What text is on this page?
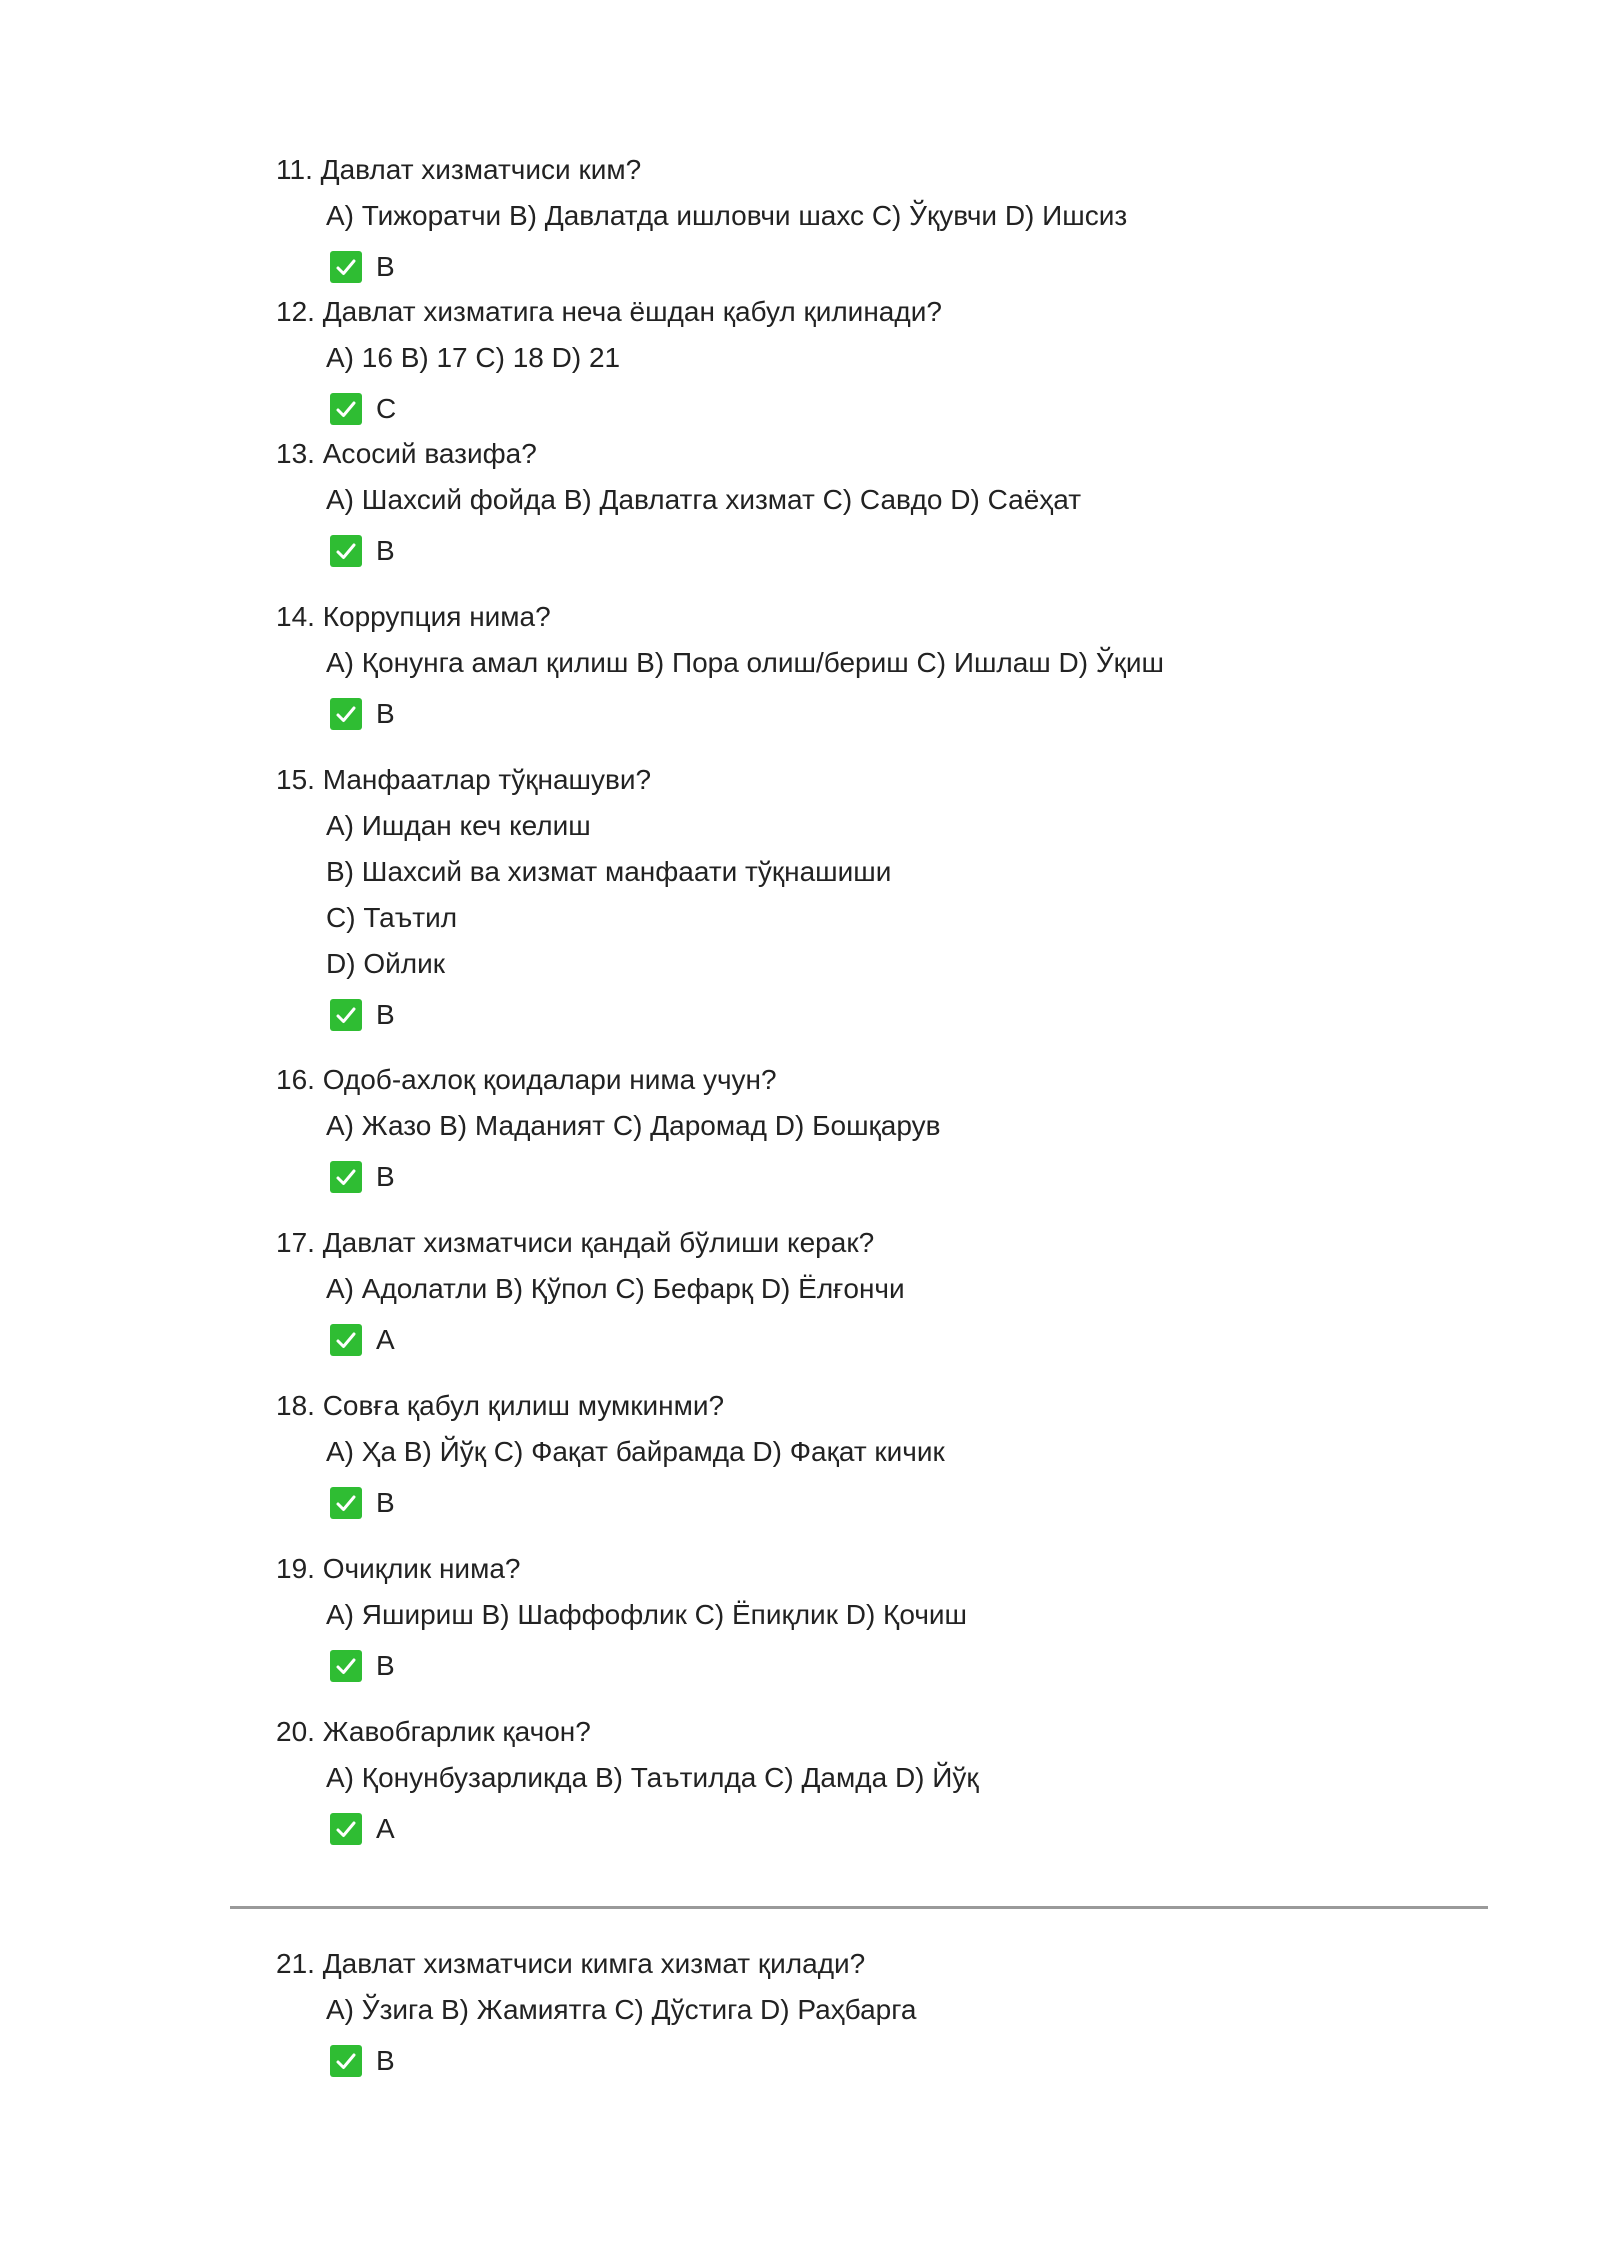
11. Давлат хизматчиси ким?
A) Тижоратчи B) Давлатда ишловчи шахс C) Ўқувчи D) Ишсиз
B
12. Давлат хизматига неча ёшдан қабул қилинади?
A) 16 B) 17 C) 18 D) 21
C
13. Асосий вазифа?
A) Шахсий фойда B) Давлатга хизмат C) Савдо D) Саёҳат
B
14. Коррупция нима?
A) Қонунга амал қилиш B) Пора олиш/бериш C) Ишлаш D) Ўқиш
B
15. Манфаатлар тўқнашуви?
A) Ишдан кеч келиш
B) Шахсий ва хизмат манфаати тўқнашиши
C) Таътил
D) Ойлик
B
16. Одоб-ахлоқ қоидалари нима учун?
A) Жазо B) Маданият C) Даромад D) Бошқарув
B
17. Давлат хизматчиси қандай бўлиши керак?
A) Адолатли B) Қўпол C) Бефарқ D) Ёлғончи
A
18. Совға қабул қилиш мумкинми?
A) Ҳа B) Йўқ C) Фақат байрамда D) Фақат кичик
B
19. Очиқлик нима?
A) Яшириш B) Шаффофлик C) Ёпиқлик D) Қочиш
B
20. Жавобгарлик қачон?
A) Қонунбузарликда B) Таътилда C) Дамда D) Йўқ
A
21. Давлат хизматчиси кимга хизмат қилади?
A) Ўзига B) Жамиятга C) Дўстига D) Раҳбарга
B
